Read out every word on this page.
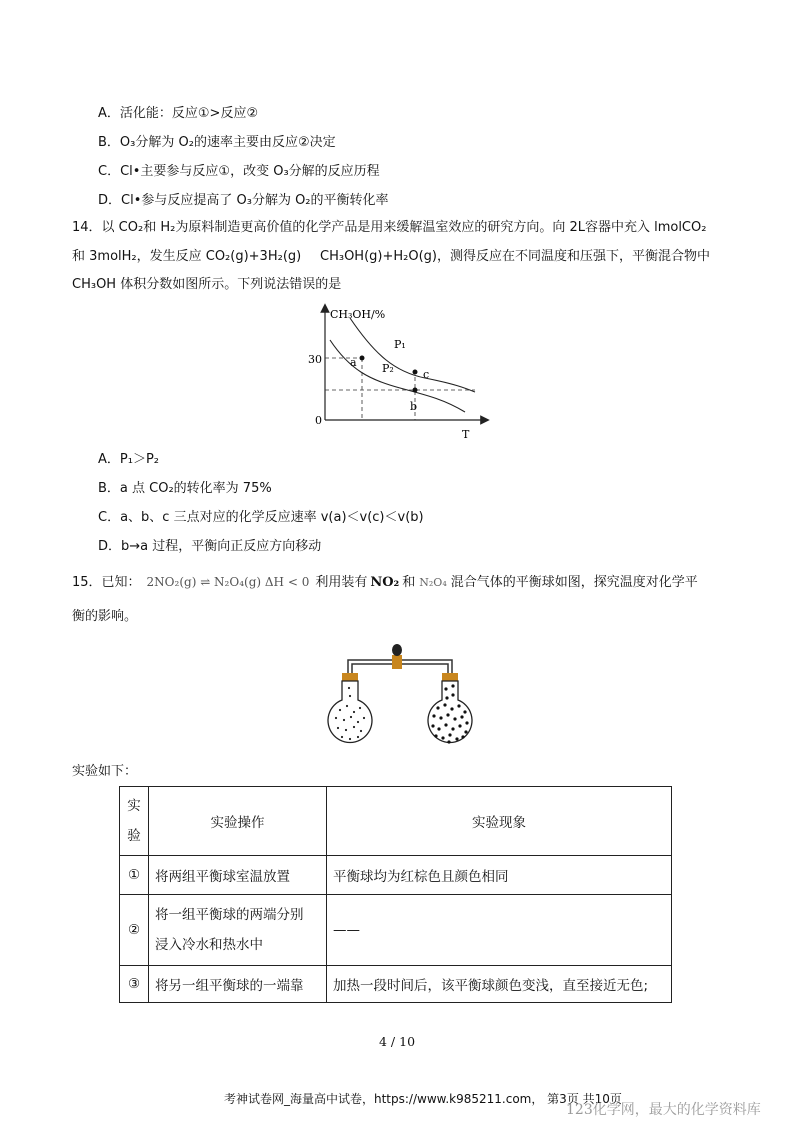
A．活化能：反应①>反应②
B．O₃分解为 O₂的速率主要由反应②决定
C．Cl•主要参与反应①，改变 O₃分解的反应历程
D．Cl•参与反应提高了 O₃分解为 O₂的平衡转化率
14．以 CO₂和 H₂为原料制造更高价值的化学产品是用来缓解温室效应的研究方向。向 2L容器中充入 lmolCO₂
和 3molH₂，发生反应 CO₂(g)+3H₂(g) CH₃OH(g)+H₂O(g)，测得反应在不同温度和压强下，平衡混合物中
CH₃OH 体积分数如图所示。下列说法错误的是
CH₃OH/%
T
30
0
a
c
b
P₁
P₂
A．P₁＞P₂
B．a 点 CO₂的转化率为 75%
C．a、b、c 三点对应的化学反应速率 v(a)＜v(c)＜v(b)
D．b→a 过程，平衡向正反应方向移动
15．已知： 2NO₂(g) ⇌ N₂O₄(g) ΔH < 0 利用装有 NO₂ 和 N₂O₄ 混合气体的平衡球如图，探究温度对化学平
衡的影响。
实验如下：
实
验	实验操作	实验现象
①	将两组平衡球室温放置	平衡球均为红棕色且颜色相同
②	将一组平衡球的两端分别
浸入冷水和热水中	——
③	将另一组平衡球的一端靠	加热一段时间后，该平衡球颜色变浅，直至接近无色;
4 / 10
考神试卷网_海量高中试卷，https://www.k985211.com， 第3页 共10页
123化学网，最大的化学资料库
